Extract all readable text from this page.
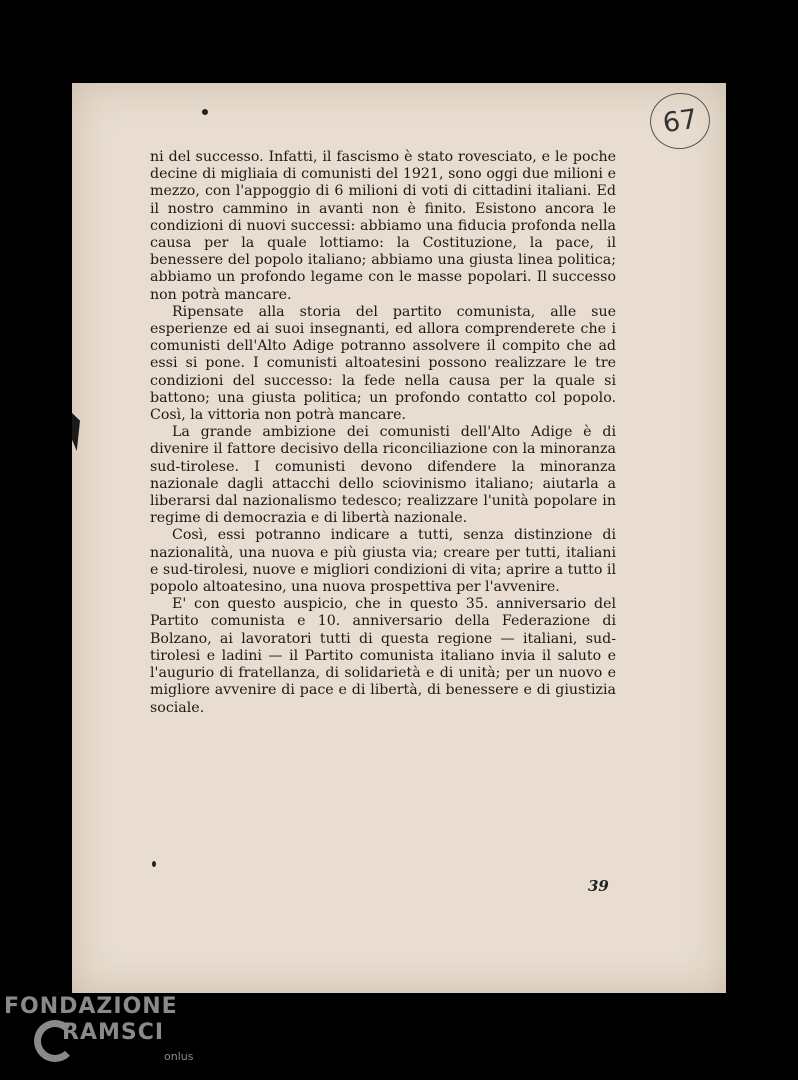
67

ni del successo. Infatti, il fascismo è stato rovesciato, e le poche decine di migliaia di comunisti del 1921, sono oggi due milioni e mezzo, con l'appoggio di 6 milioni di voti di cittadini italiani. Ed il nostro cammino in avanti non è finito. Esistono ancora le condizioni di nuovi successi: abbiamo una fiducia profonda nella causa per la quale lottiamo: la Costituzione, la pace, il benessere del popolo italiano; abbiamo una giusta linea politica; abbiamo un profondo legame con le masse popolari. Il successo non potrà mancare.

Ripensate alla storia del partito comunista, alle sue esperienze ed ai suoi insegnanti, ed allora comprenderete che i comunisti dell'Alto Adige potranno assolvere il compito che ad essi si pone. I comunisti altoatesini possono realizzare le tre condizioni del successo: la fede nella causa per la quale si battono; una giusta politica; un profondo contatto col popolo. Così, la vittoria non potrà mancare.

La grande ambizione dei comunisti dell'Alto Adige è di divenire il fattore decisivo della riconciliazione con la minoranza sud-tirolese. I comunisti devono difendere la minoranza nazionale dagli attacchi dello sciovinismo italiano; aiutarla a liberarsi dal nazionalismo tedesco; realizzare l'unità popolare in regime di democrazia e di libertà nazionale.

Così, essi potranno indicare a tutti, senza distinzione di nazionalità, una nuova e più giusta via; creare per tutti, italiani e sud-tirolesi, nuove e migliori condizioni di vita; aprire a tutto il popolo altoatesino, una nuova prospettiva per l'avvenire.

E' con questo auspicio, che in questo 35. anniversario del Partito comunista e 10. anniversario della Federazione di Bolzano, ai lavoratori tutti di questa regione — italiani, sud-tirolesi e ladini — il Partito comunista italiano invia il saluto e l'augurio di fratellanza, di solidarietà e di unità; per un nuovo e migliore avvenire di pace e di libertà, di benessere e di giustizia sociale.

39
FONDAZIONE
RAMSCI
onlus
